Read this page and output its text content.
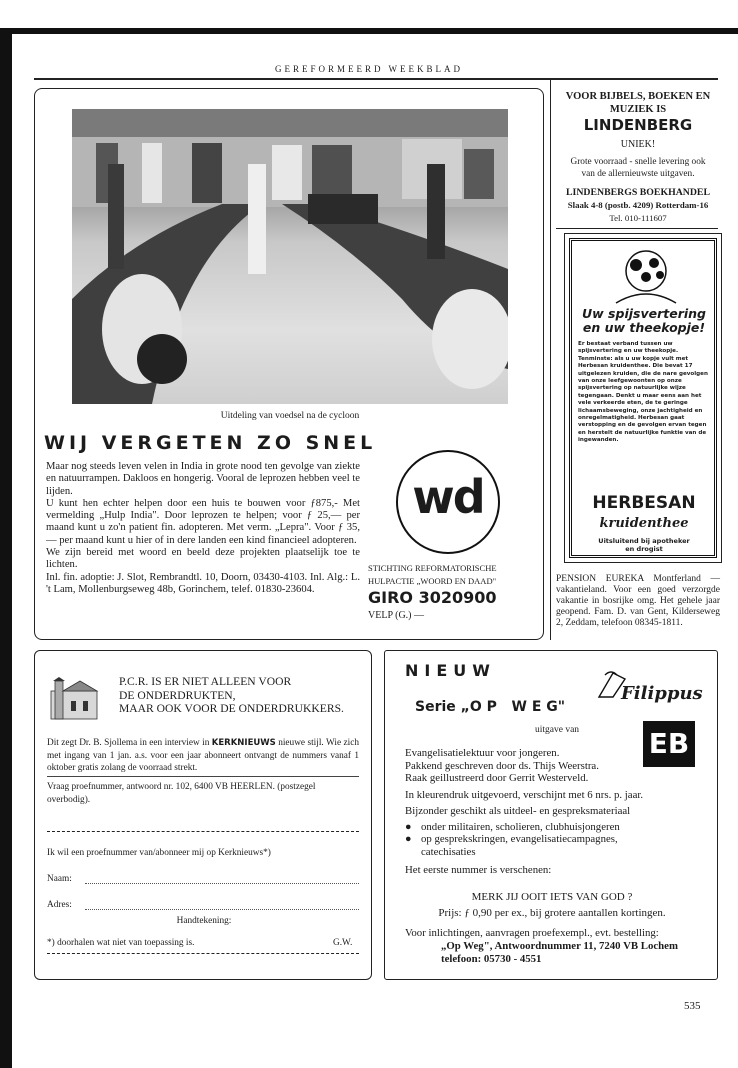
GEREFORMEERD WEEKBLAD
Uitdeling van voedsel na de cycloon
WIJ VERGETEN ZO SNEL

Maar nog steeds leven velen in India in grote nood ten gevolge van ziekte en natuurrampen. Dakloos en hongerig. Vooral de leprozen hebben veel te lijden.

U kunt hen echter helpen door een huis te bouwen voor ƒ875,- Met vermelding „Hulp India". Door leprozen te helpen; voor ƒ 25,— per maand kunt u zo'n patient fin. adopteren. Met verm. „Lepra". Voor ƒ 35,— per maand kunt u hier of in dere landen een kind financieel adopteren.

We zijn bereid met woord en beeld deze projekten plaatselijk toe te lichten.

Inl. fin. adoptie: J. Slot, Rembrandtl. 10, Doorn, 03430-4103. Inl. Alg.: L. 't Lam, Mollenburgseweg 48b, Gorinchem, telef. 01830-23604.

wd
STICHTING REFORMATORISCHE
HULPACTIE „WOORD EN DAAD"
GIRO 3020900
VELP (G.) —
VOOR BIJBELS, BOEKEN EN
MUZIEK IS
LINDENBERG
UNIEK!
Grote voorraad - snelle levering ook
van de allernieuwste uitgaven.
LINDENBERGS BOEKHANDEL
Slaak 4-8 (postb. 4209) Rotterdam-16
Tel. 010-111607
Uw spijsvertering
en uw theekopje!
Er bestaat verband tussen uw spijsvertering en uw theekopje. Tenminste: als u uw kopje vult met Herbesan kruidenthee. Die bevat 17 uitgelezen kruiden, die de nare gevolgen van onze leefgewoonten op onze spijsvertering op natuurlijke wijze tegengaan. Denkt u maar eens aan het vele verkeerde eten, de te geringe lichaamsbeweging, onze jachtigheid en onregelmatigheid. Herbesan gaat verstopping en de gevolgen ervan tegen en herstelt de natuurlijke funktie van de ingewanden.
HERBESAN
kruidenthee
Uitsluitend bij apotheker
en drogist
PENSION EUREKA Montferland — vakantieland. Voor een goed verzorgde vakantie in bosrijke omg. Het gehele jaar geopend. Fam. D. van Gent, Kilderseweg 2, Zeddam, telefoon 08345-1811.
P.C.R. IS ER NIET ALLEEN VOOR
DE ONDERDRUKTEN,
MAAR OOK VOOR DE ONDERDRUKKERS.
Dit zegt Dr. B. Sjollema in een interview in KERKNIEUWS nieuwe stijl. Wie zich met ingang van 1 jan. a.s. voor een jaar abonneert ontvangt de nummers vanaf 1 oktober gratis zolang de voorraad strekt.
Vraag proefnummer, antwoord nr. 102, 6400 VB HEERLEN. (postzegel overbodig).
Ik wil een proefnummer van/abonneer mij op Kerknieuws*)
Naam:
Adres:
Handtekening:
*) doorhalen wat niet van toepassing is.	G.W.
NIEUW
Serie „O P   W E G"
Filippus
uitgave van EB
Evangelisatielektuur voor jongeren.
Pakkend geschreven door ds. Thijs Weerstra.
Raak geillustreerd door Gerrit Westerveld.
In kleurendruk uitgevoerd, verschijnt met 6 nrs. p. jaar.
Bijzonder geschikt als uitdeel- en gespreksmateriaal
● onder militairen, scholieren, clubhuisjongeren
● op gesprekskringen, evangelisatiecampagnes, catechisaties
Het eerste nummer is verschenen:
MERK JIJ OOIT IETS VAN GOD ?
Prijs: ƒ 0,90 per ex., bij grotere aantallen kortingen.
Voor inlichtingen, aanvragen proefexempl., evt. bestelling:
„Op Weg", Antwoordnummer 11, 7240 VB Lochem
telefoon: 05730 - 4551
535
